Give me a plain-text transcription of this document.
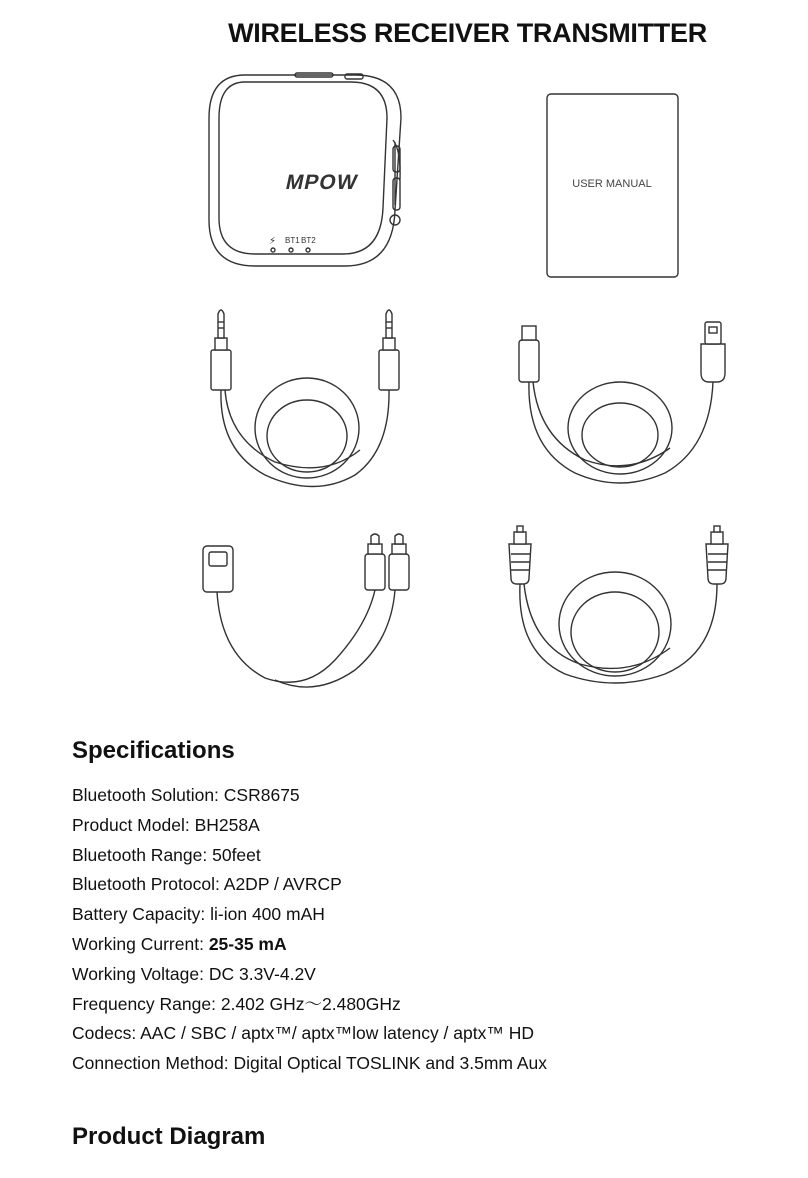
WIRELESS RECEIVER TRANSMITTER
MPOW
⚡ BT1 BT2
USER MANUAL
Specifications
Bluetooth Solution: CSR8675
Product Model: BH258A
Bluetooth Range: 50feet
Bluetooth Protocol: A2DP / AVRCP
Battery Capacity: li-ion 400 mAH
Working Current: 25-35 mA
Working Voltage: DC 3.3V-4.2V
Frequency Range: 2.402 GHz～2.480GHz
Codecs: AAC / SBC / aptx™/ aptx™low latency / aptx™ HD
Connection Method: Digital Optical TOSLINK and 3.5mm Aux
Product Diagram
